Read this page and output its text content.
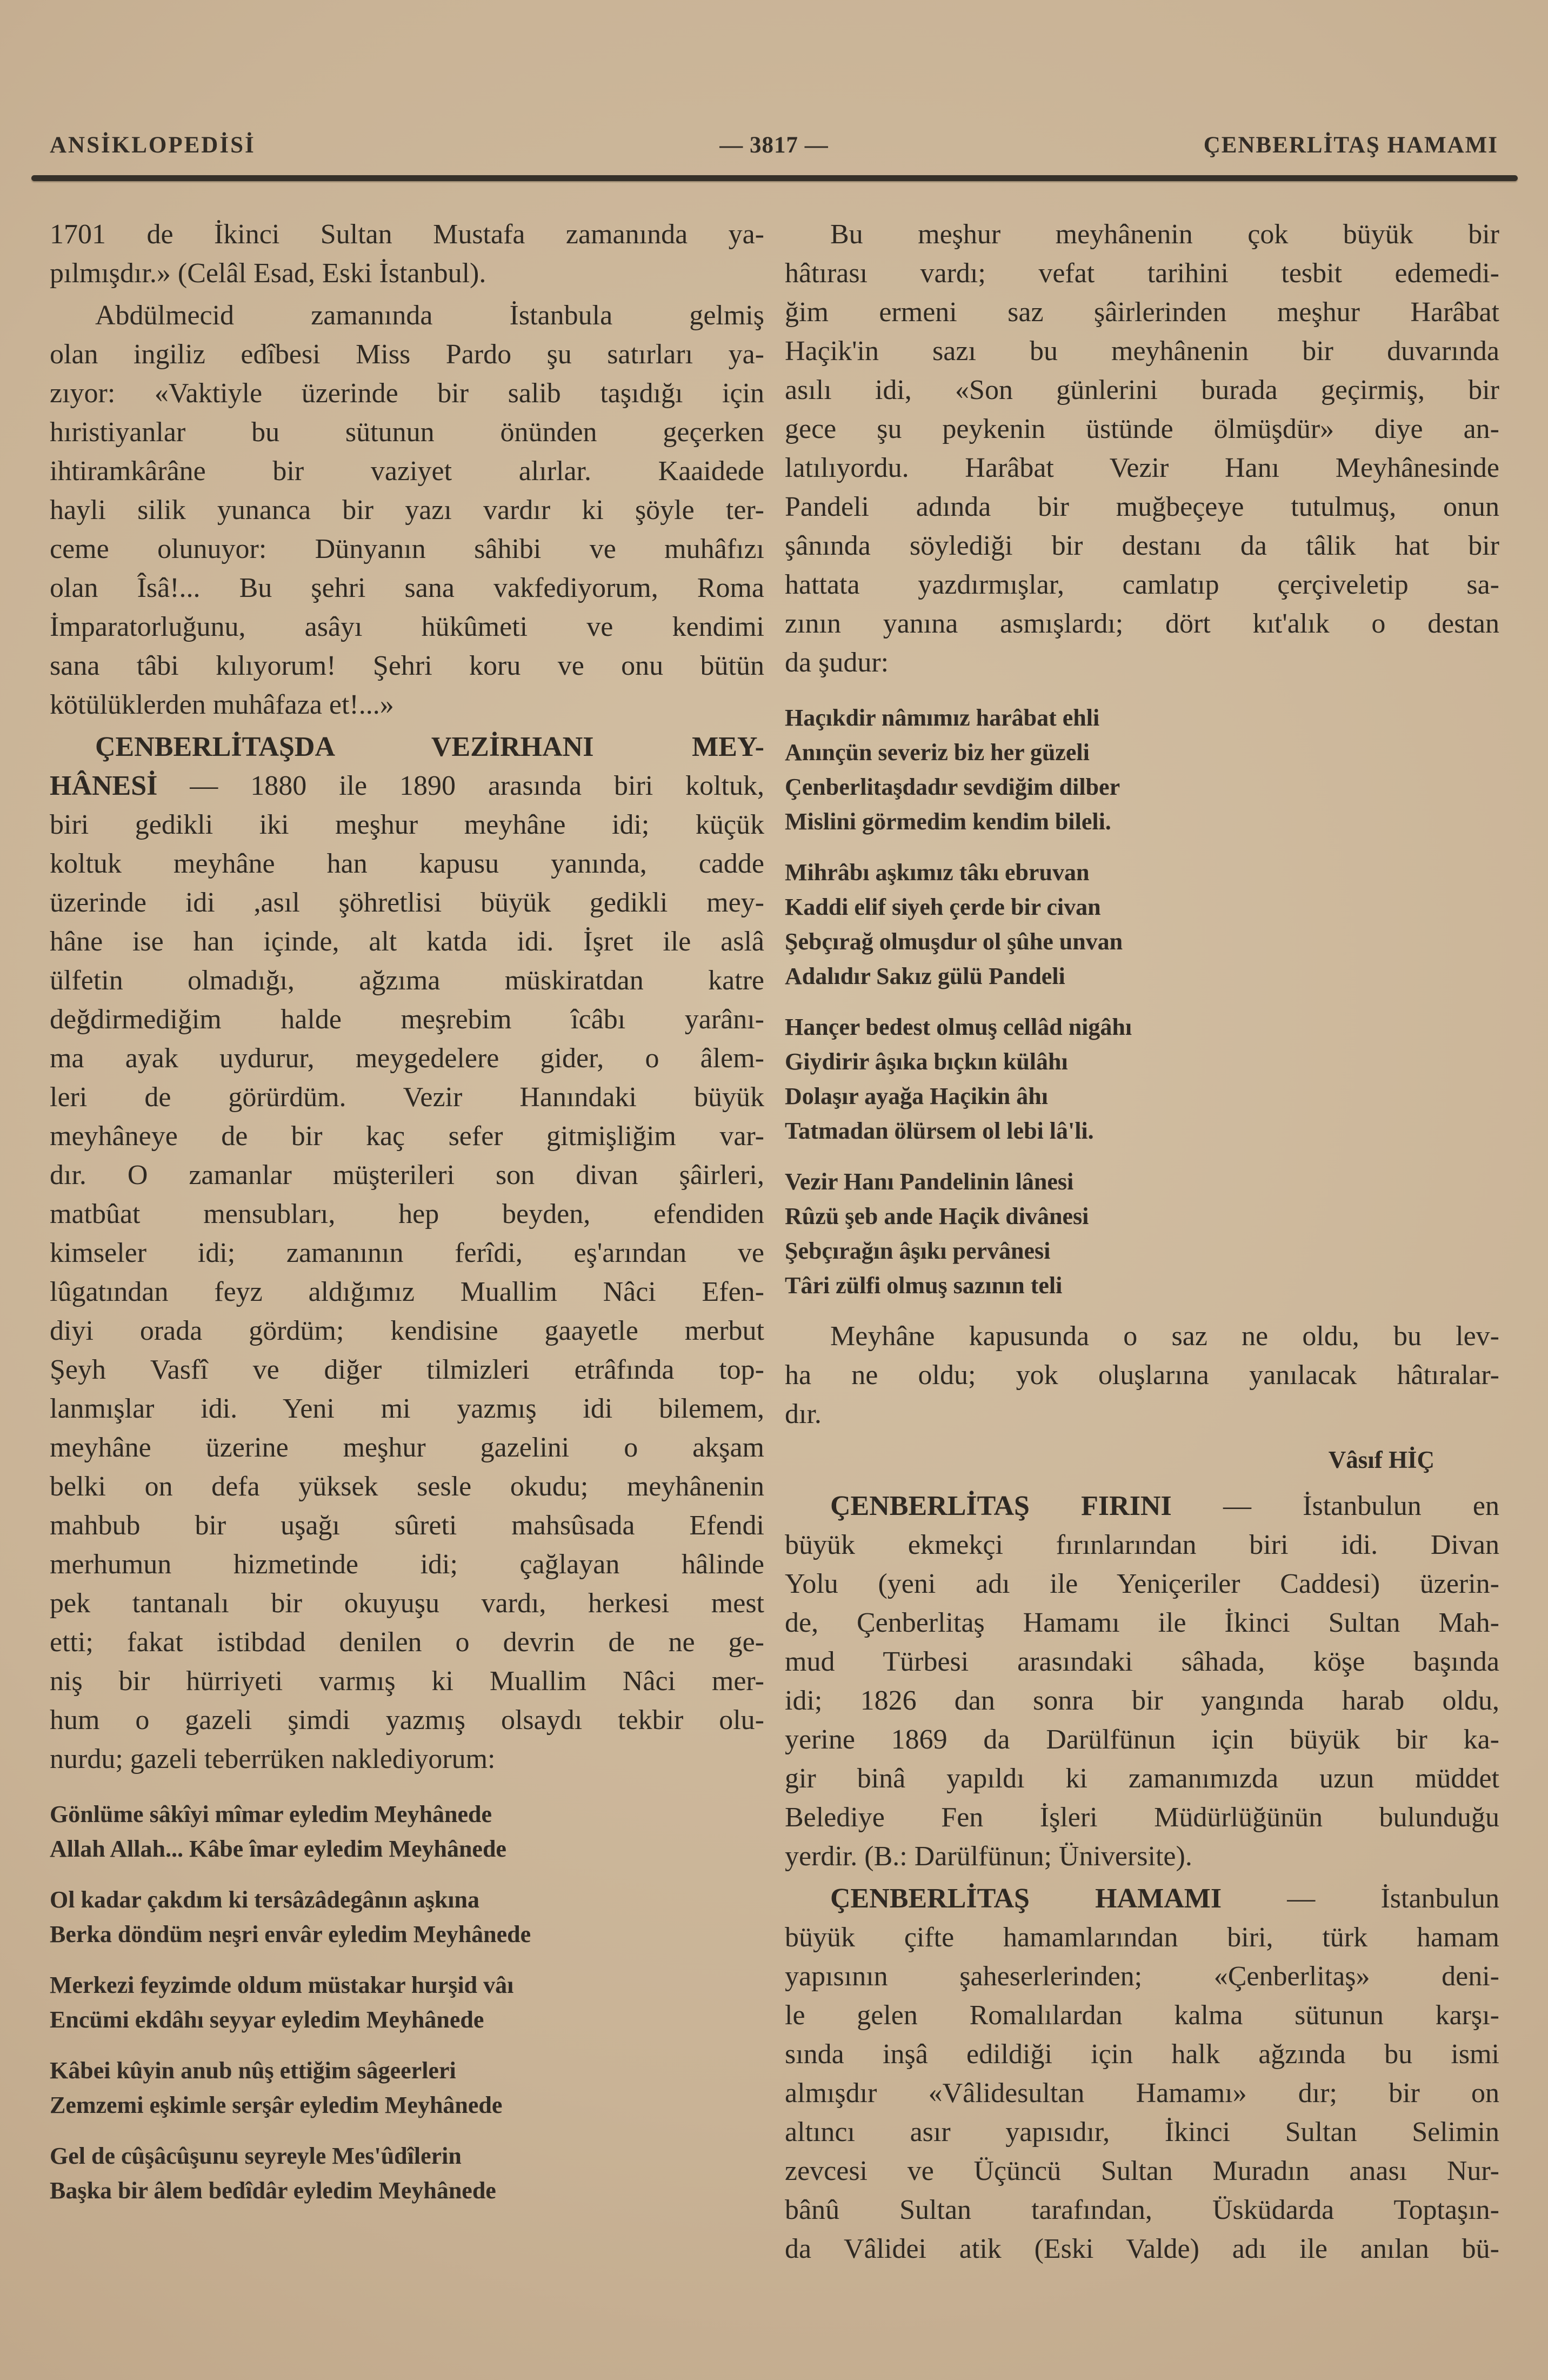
ANSİKLOPEDİSİ	— 3817 —	ÇENBERLİTAŞ HAMAMI
1701 de İkinci Sultan Mustafa zamanında ya-
pılmışdır.» (Celâl Esad, Eski İstanbul).
Abdülmecid zamanında İstanbula gelmiş
olan ingiliz edîbesi Miss Pardo şu satırları ya-
zıyor: «Vaktiyle üzerinde bir salib taşıdığı için
hıristiyanlar bu sütunun önünden geçerken
ihtiramkârâne bir vaziyet alırlar. Kaaidede
hayli silik yunanca bir yazı vardır ki şöyle ter-
ceme olunuyor: Dünyanın sâhibi ve muhâfızı
olan Îsâ!... Bu şehri sana vakfediyorum, Roma
İmparatorluğunu, asâyı hükûmeti ve kendimi
sana tâbi kılıyorum! Şehri koru ve onu bütün
kötülüklerden muhâfaza et!...»
ÇENBERLİTAŞDA VEZİRHANI MEY-
HÂNESİ — 1880 ile 1890 arasında biri koltuk,
biri gedikli iki meşhur meyhâne idi; küçük
koltuk meyhâne han kapusu yanında, cadde
üzerinde idi ,asıl şöhretlisi büyük gedikli mey-
hâne ise han içinde, alt katda idi. İşret ile aslâ
ülfetin olmadığı, ağzıma müskiratdan katre
değdirmediğim halde meşrebim îcâbı yarânı-
ma ayak uydurur, meygedelere gider, o âlem-
leri de görürdüm. Vezir Hanındaki büyük
meyhâneye de bir kaç sefer gitmişliğim var-
dır. O zamanlar müşterileri son divan şâirleri,
matbûat mensubları, hep beyden, efendiden
kimseler idi; zamanının ferîdi, eş'arından ve
lûgatından feyz aldığımız Muallim Nâci Efen-
diyi orada gördüm; kendisine gaayetle merbut
Şeyh Vasfî ve diğer tilmizleri etrâfında top-
lanmışlar idi. Yeni mi yazmış idi bilemem,
meyhâne üzerine meşhur gazelini o akşam
belki on defa yüksek sesle okudu; meyhânenin
mahbub bir uşağı sûreti mahsûsada Efendi
merhumun hizmetinde idi; çağlayan hâlinde
pek tantanalı bir okuyuşu vardı, herkesi mest
etti; fakat istibdad denilen o devrin de ne ge-
niş bir hürriyeti varmış ki Muallim Nâci mer-
hum o gazeli şimdi yazmış olsaydı tekbir olu-
nurdu; gazeli teberrüken naklediyorum:
Gönlüme sâkîyi mîmar eyledim Meyhânede
Allah Allah... Kâbe îmar eyledim Meyhânede
Ol kadar çakdım ki tersâzâdegânın aşkına
Berka döndüm neşri envâr eyledim Meyhânede
Merkezi feyzimde oldum müstakar hurşid vâı
Encümi ekdâhı seyyar eyledim Meyhânede
Kâbei kûyin anub nûş ettiğim sâgeerleri
Zemzemi eşkimle serşâr eyledim Meyhânede
Gel de cûşâcûşunu seyreyle Mes'ûdîlerin
Başka bir âlem bedîdâr eyledim Meyhânede
Bu meşhur meyhânenin çok büyük bir
hâtırası vardı; vefat tarihini tesbit edemedi-
ğim ermeni saz şâirlerinden meşhur Harâbat
Haçik'in sazı bu meyhânenin bir duvarında
asılı idi, «Son günlerini burada geçirmiş, bir
gece şu peykenin üstünde ölmüşdür» diye an-
latılıyordu. Harâbat Vezir Hanı Meyhânesinde
Pandeli adında bir muğbeçeye tutulmuş, onun
şânında söylediği bir destanı da tâlik hat bir
hattata yazdırmışlar, camlatıp çerçiveletip sa-
zının yanına asmışlardı; dört kıt'alık o destan
da şudur:
Haçıkdir nâmımız harâbat ehli
Anınçün severiz biz her güzeli
Çenberlitaşdadır sevdiğim dilber
Mislini görmedim kendim bileli.
Mihrâbı aşkımız tâkı ebruvan
Kaddi elif siyeh çerde bir civan
Şebçırağ olmuşdur ol şûhe unvan
Adalıdır Sakız gülü Pandeli
Hançer bedest olmuş cellâd nigâhı
Giydirir âşıka bıçkın külâhı
Dolaşır ayağa Haçikin âhı
Tatmadan ölürsem ol lebi lâ'li.
Vezir Hanı Pandelinin lânesi
Rûzü şeb ande Haçik divânesi
Şebçırağın âşıkı pervânesi
Târi zülfi olmuş sazının teli
Meyhâne kapusunda o saz ne oldu, bu lev-
ha ne oldu; yok oluşlarına yanılacak hâtıralar-
dır.
Vâsıf HİÇ
ÇENBERLİTAŞ FIRINI — İstanbulun en
büyük ekmekçi fırınlarından biri idi. Divan
Yolu (yeni adı ile Yeniçeriler Caddesi) üzerin-
de, Çenberlitaş Hamamı ile İkinci Sultan Mah-
mud Türbesi arasındaki sâhada, köşe başında
idi; 1826 dan sonra bir yangında harab oldu,
yerine 1869 da Darülfünun için büyük bir ka-
gir binâ yapıldı ki zamanımızda uzun müddet
Belediye Fen İşleri Müdürlüğünün bulunduğu
yerdir. (B.: Darülfünun; Üniversite).
ÇENBERLİTAŞ HAMAMI — İstanbulun
büyük çifte hamamlarından biri, türk hamam
yapısının şaheserlerinden; «Çenberlitaş» deni-
le gelen Romalılardan kalma sütunun karşı-
sında inşâ edildiği için halk ağzında bu ismi
almışdır «Vâlidesultan Hamamı» dır; bir on
altıncı asır yapısıdır, İkinci Sultan Selimin
zevcesi ve Üçüncü Sultan Muradın anası Nur-
bânû Sultan tarafından, Üsküdarda Toptaşın-
da Vâlidei atik (Eski Valde) adı ile anılan bü-
